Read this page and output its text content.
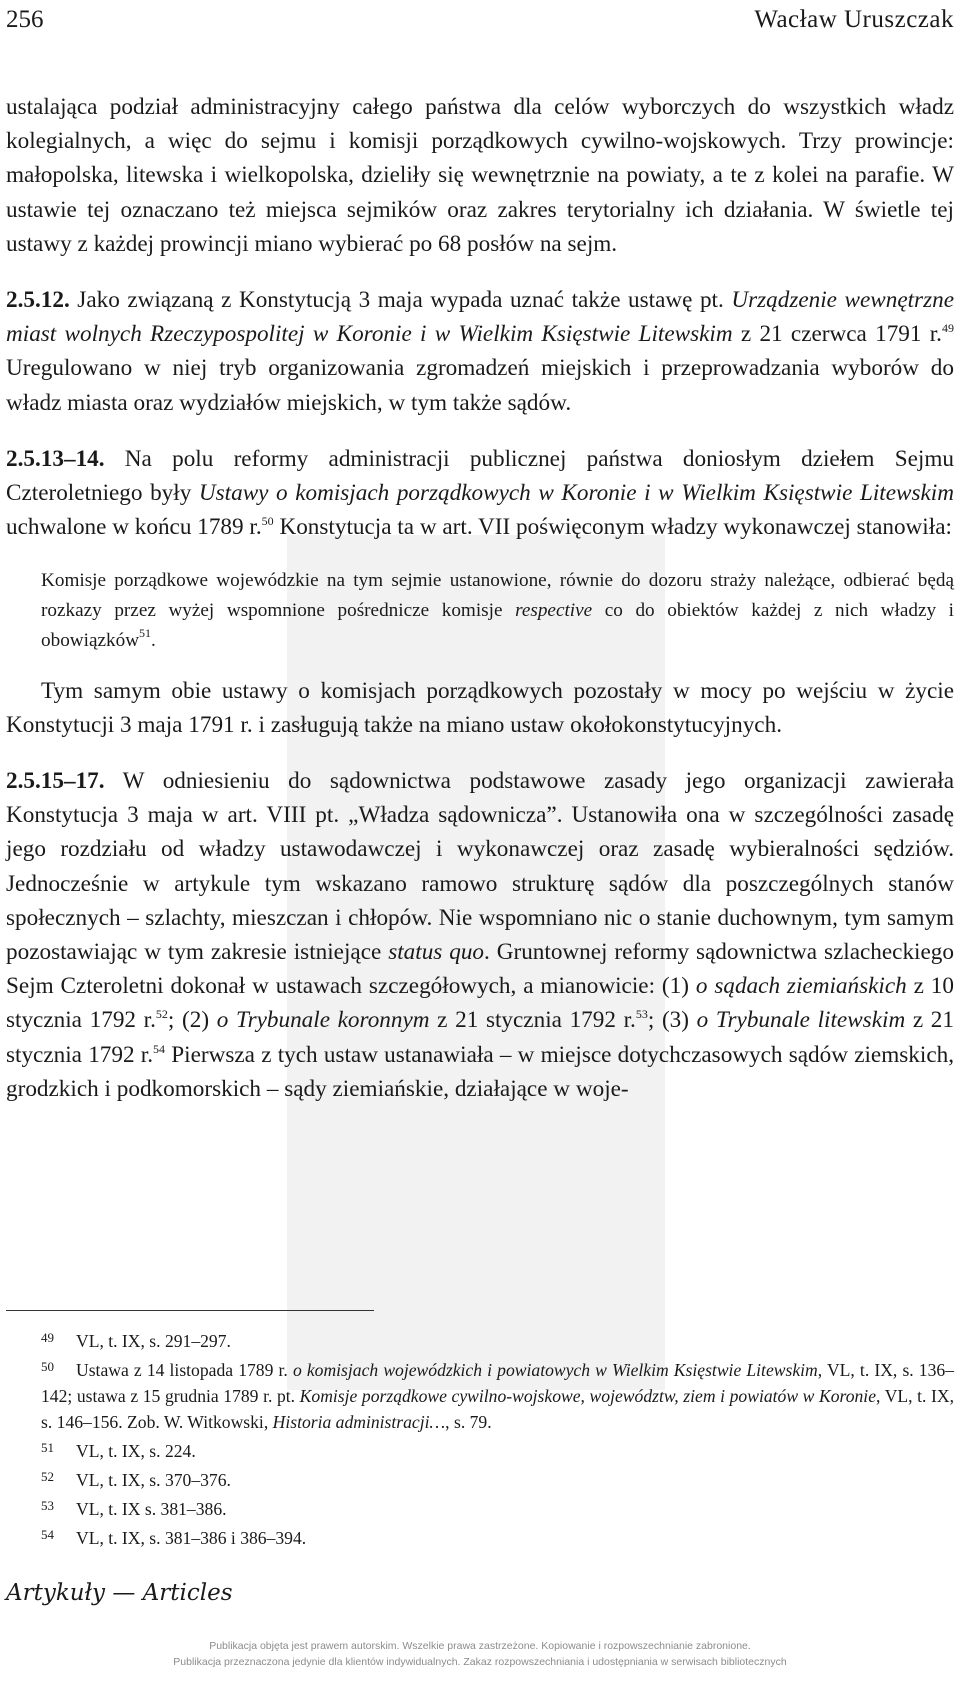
256	Wacław Uruszczak

ustalająca podział administracyjny całego państwa dla celów wyborczych do wszystkich władz kolegialnych, a więc do sejmu i komisji porządkowych cywilno-wojskowych. Trzy prowincje: małopolska, litewska i wielkopolska, dzieliły się wewnętrznie na powiaty, a te z kolei na parafie. W ustawie tej oznaczano też miejsca sejmików oraz zakres terytorialny ich działania. W świetle tej ustawy z każdej prowincji miano wybierać po 68 posłów na sejm.

2.5.12. Jako związaną z Konstytucją 3 maja wypada uznać także ustawę pt. Urządzenie wewnętrzne miast wolnych Rzeczypospolitej w Koronie i w Wielkim Księstwie Litewskim z 21 czerwca 1791 r.$^{49}$ Uregulowano w niej tryb organizowania zgromadzeń miejskich i przeprowadzania wyborów do władz miasta oraz wydziałów miejskich, w tym także sądów.

2.5.13–14. Na polu reformy administracji publicznej państwa doniosłym dziełem Sejmu Czteroletniego były Ustawy o komisjach porządkowych w Koronie i w Wielkim Księstwie Litewskim uchwalone w końcu 1789 r.$^{50}$ Konstytucja ta w art. VII poświęconym władzy wykonawczej stanowiła:

Komisje porządkowe wojewódzkie na tym sejmie ustanowione, równie do dozoru straży należące, odbierać będą rozkazy przez wyżej wspomnione pośrednicze komisje respective co do obiektów każdej z nich władzy i obowiązków$^{51}$.

Tym samym obie ustawy o komisjach porządkowych pozostały w mocy po wejściu w życie Konstytucji 3 maja 1791 r. i zasługują także na miano ustaw okołokonstytucyjnych.

2.5.15–17. W odniesieniu do sądownictwa podstawowe zasady jego organizacji zawierała Konstytucja 3 maja w art. VIII pt. „Władza sądownicza”. Ustanowiła ona w szczególności zasadę jego rozdziału od władzy ustawodawczej i wykonawczej oraz zasadę wybieralności sędziów. Jednocześnie w artykule tym wskazano ramowo strukturę sądów dla poszczególnych stanów społecznych – szlachty, mieszczan i chłopów. Nie wspomniano nic o stanie duchownym, tym samym pozostawiając w tym zakresie istniejące status quo. Gruntownej reformy sądownictwa szlacheckiego Sejm Czteroletni dokonał w ustawach szczegółowych, a mianowicie: (1) o sądach ziemiańskich z 10 stycznia 1792 r.$^{52}$; (2) o Trybunale koronnym z 21 stycznia 1792 r.$^{53}$; (3) o Trybunale litewskim z 21 stycznia 1792 r.$^{54}$ Pierwsza z tych ustaw ustanawiała – w miejsce dotychczasowych sądów ziemskich, grodzkich i podkomorskich – sądy ziemiańskie, działające w woje-

49 VL, t. IX, s. 291–297.

50 Ustawa z 14 listopada 1789 r. o komisjach wojewódzkich i powiatowych w Wielkim Księstwie Litewskim, VL, t. IX, s. 136–142; ustawa z 15 grudnia 1789 r. pt. Komisje porządkowe cywilno-wojskowe, województw, ziem i powiatów w Koronie, VL, t. IX, s. 146–156. Zob. W. Witkowski, Historia administracji…, s. 79.

51 VL, t. IX, s. 224.

52 VL, t. IX, s. 370–376.

53 VL, t. IX s. 381–386.

54 VL, t. IX, s. 381–386 i 386–394.

Artykuły — Articles
Publikacja objęta jest prawem autorskim. Wszelkie prawa zastrzeżone. Kopiowanie i rozpowszechnianie zabronione.
Publikacja przeznaczona jedynie dla klientów indywidualnych. Zakaz rozpowszechniania i udostępniania w serwisach bibliotecznych
